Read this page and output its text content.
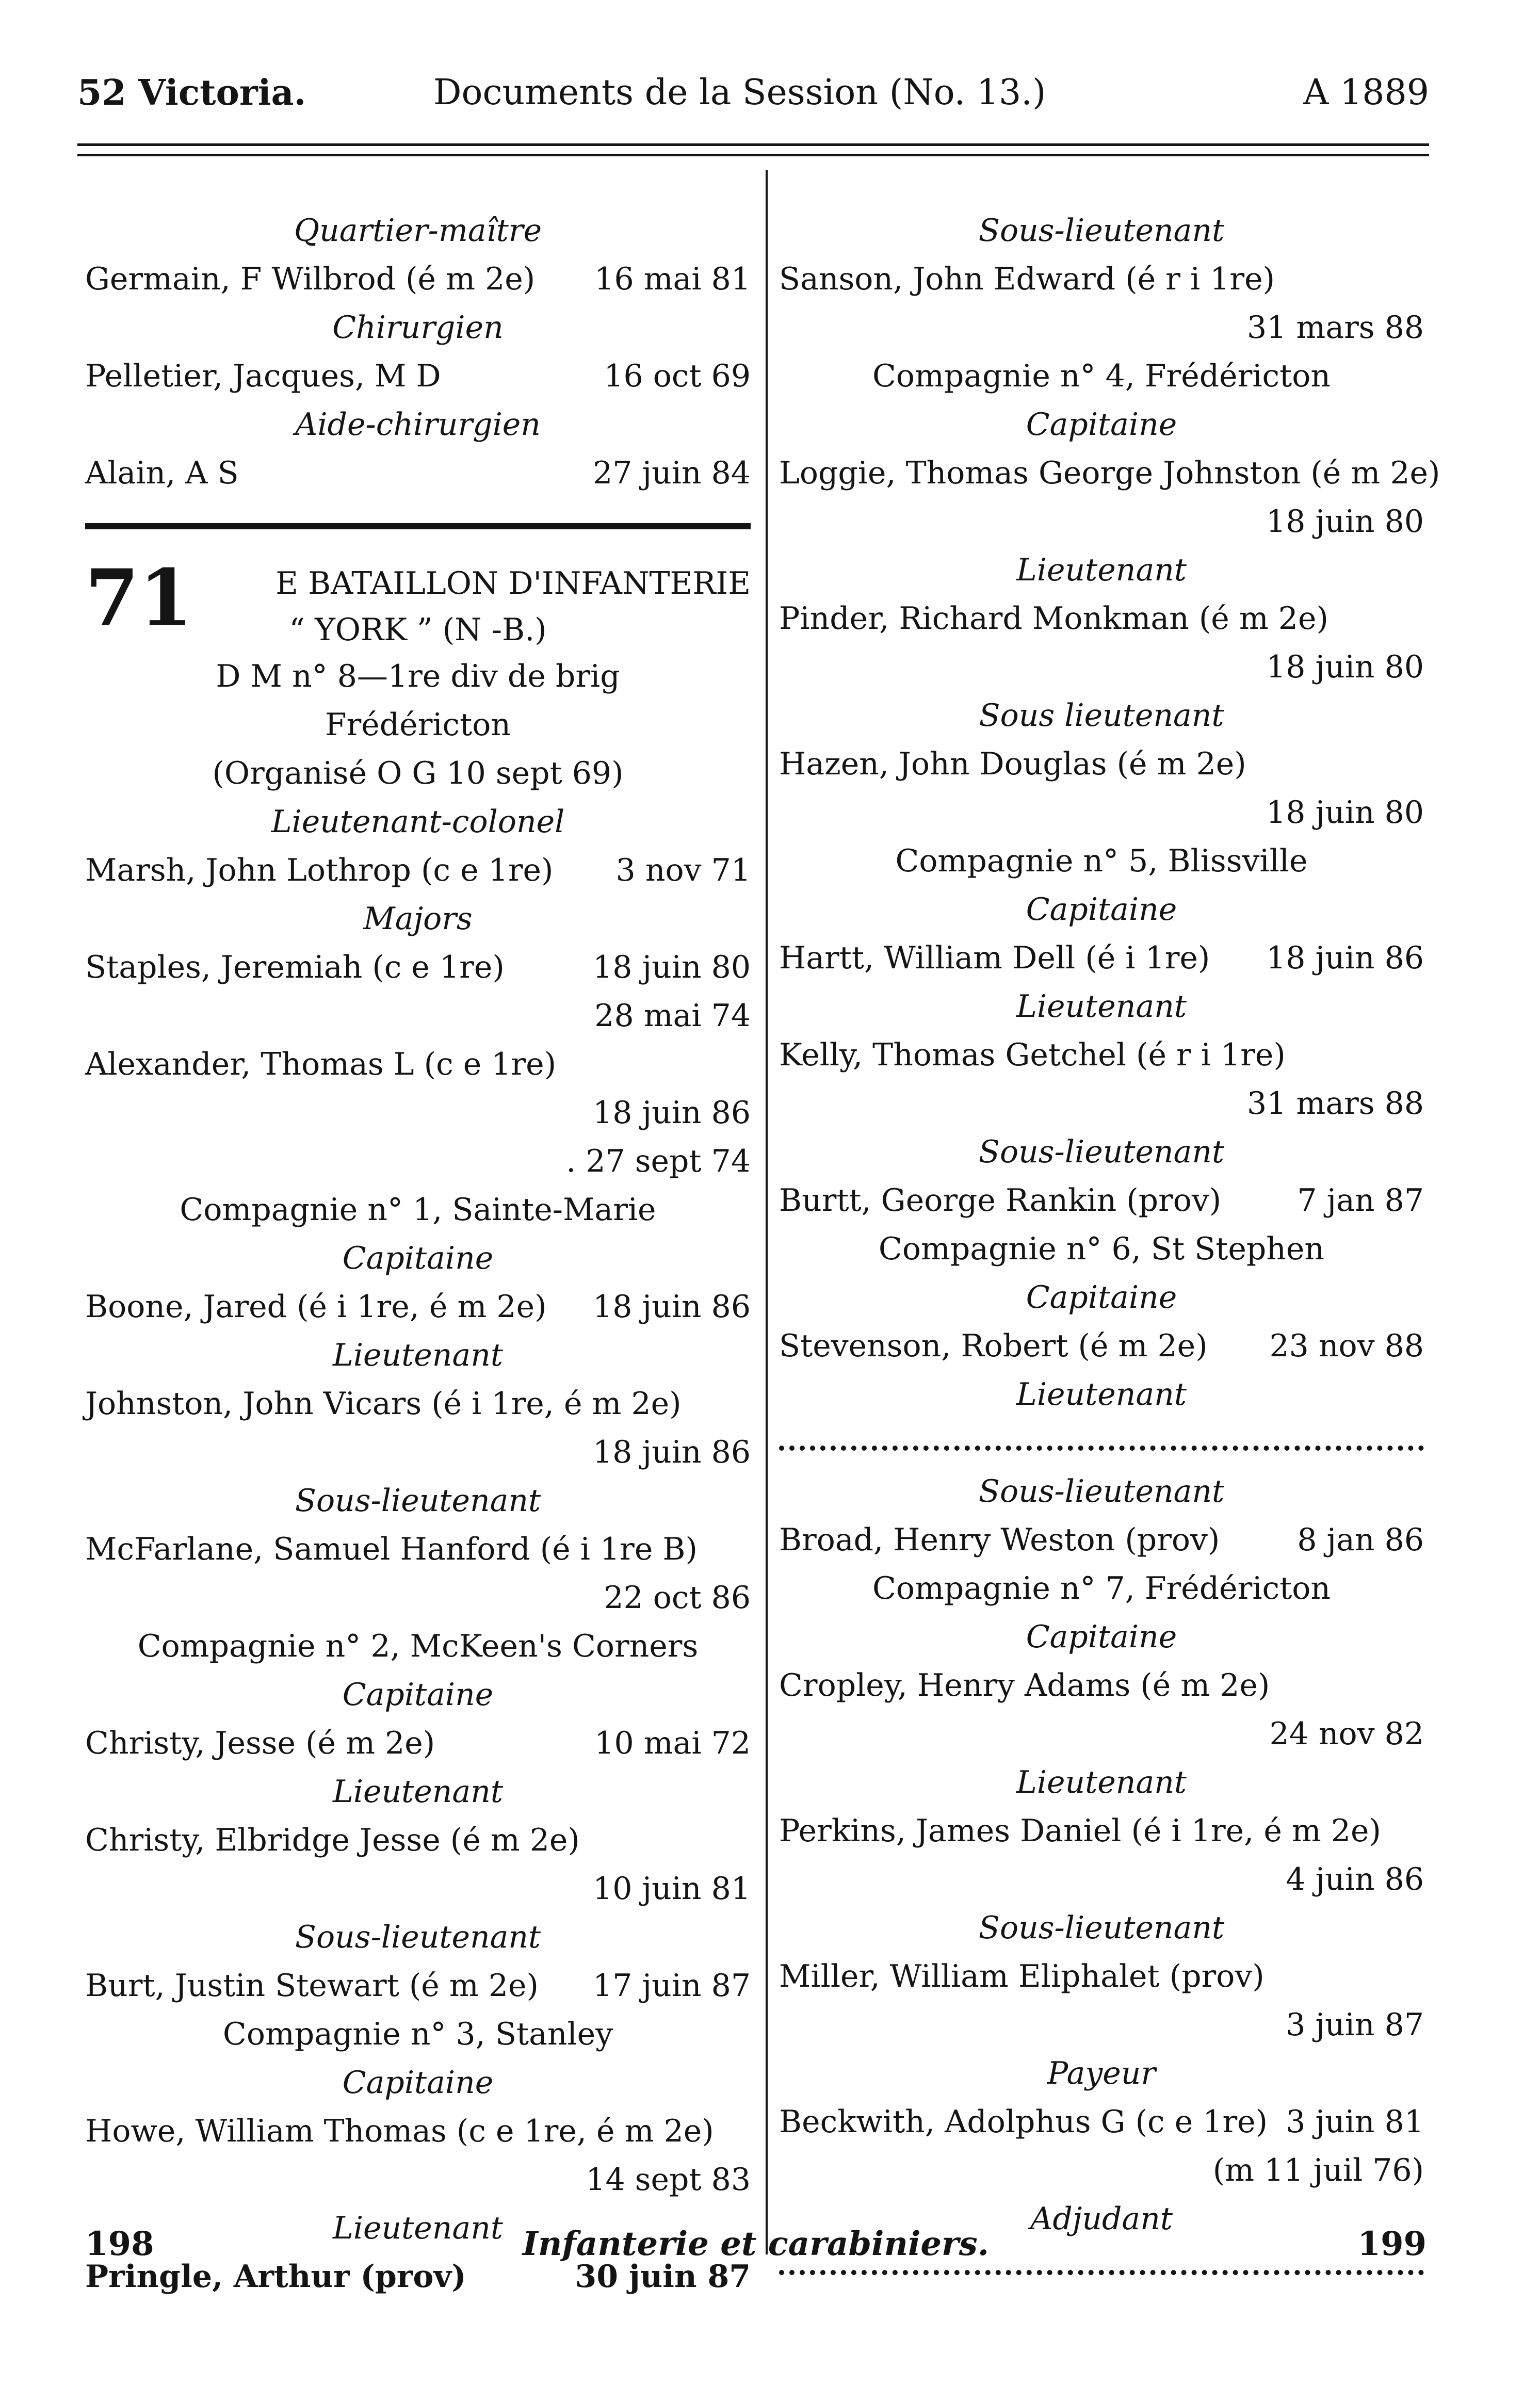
52 Victoria.	Documents de la Session (No. 13.)	A 1889
Quartier-maître
Germain, F Wilbrod (é m 2e) 16 mai 81
Chirurgien
Pelletier, Jacques, M D	16 oct 69
Aide-chirurgien
Alain, A S	27 juin 84
71	E BATAILLON D'INFANTERIE
“ YORK ” (N -B.)
D M n° 8—1re div de brig
Frédéricton
(Organisé O G 10 sept 69)
Lieutenant-colonel
Marsh, John Lothrop (c e 1re) 3 nov 71
Majors
Staples, Jeremiah (c e 1re)	18 juin 80
28 mai 74
Alexander, Thomas L (c e 1re)
18 juin 86
. 27 sept 74
Compagnie n° 1, Sainte-Marie
Capitaine
Boone, Jared (é i 1re, é m 2e) 18 juin 86
Lieutenant
Johnston, John Vicars (é i 1re, é m 2e)
18 juin 86
Sous-lieutenant
McFarlane, Samuel Hanford (é i 1re B)
22 oct 86
Compagnie n° 2, McKeen's Corners
Capitaine
Christy, Jesse (é m 2e)	10 mai 72
Lieutenant
Christy, Elbridge Jesse (é m 2e)
10 juin 81
Sous-lieutenant
Burt, Justin Stewart (é m 2e) 17 juin 87
Compagnie n° 3, Stanley
Capitaine
Howe, William Thomas (c e 1re, é m 2e)
14 sept 83
Lieutenant
Pringle, Arthur (prov)	30 juin 87
Sous-lieutenant
Sanson, John Edward (é r i 1re)
31 mars 88
Compagnie n° 4, Frédéricton
Capitaine
Loggie, Thomas George Johnston (é m 2e)
18 juin 80
Lieutenant
Pinder, Richard Monkman (é m 2e)
18 juin 80
Sous lieutenant
Hazen, John Douglas (é m 2e)
18 juin 80
Compagnie n° 5, Blissville
Capitaine
Hartt, William Dell (é i 1re) 18 juin 86
Lieutenant
Kelly, Thomas Getchel (é r i 1re)
31 mars 88
Sous-lieutenant
Burtt, George Rankin (prov) 7 jan 87
Compagnie n° 6, St Stephen
Capitaine
Stevenson, Robert (é m 2e) 23 nov 88
Lieutenant
Sous-lieutenant
Broad, Henry Weston (prov)	8 jan 86
Compagnie n° 7, Frédéricton
Capitaine
Cropley, Henry Adams (é m 2e)
24 nov 82
Lieutenant
Perkins, James Daniel (é i 1re, é m 2e)
4 juin 86
Sous-lieutenant
Miller, William Eliphalet (prov)
3 juin 87
Payeur
Beckwith, Adolphus G (c e 1re) 3 juin 81
(m 11 juil 76)
Adjudant
198	Infanterie et carabiniers.	199
